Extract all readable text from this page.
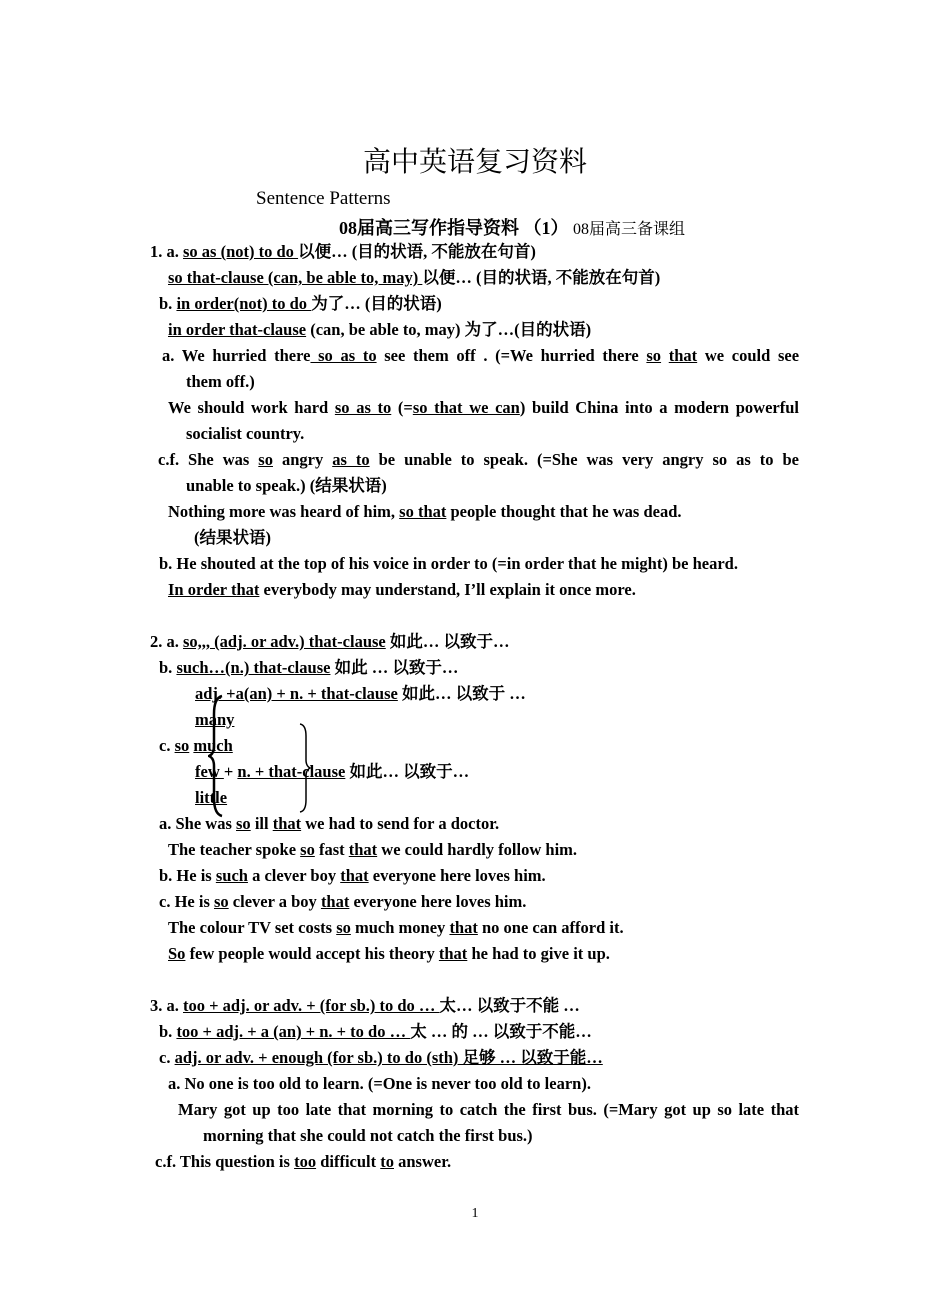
高中英语复习资料
Sentence Patterns
08届高三写作指导资料 （1） 08届高三备课组
1. a. so as (not) to do 以便… (目的状语, 不能放在句首)
so that-clause (can, be able to, may) 以便… (目的状语, 不能放在句首)
b. in order(not) to do 为了… (目的状语)
in order that-clause (can, be able to, may) 为了…(目的状语)
a. We hurried there so as to see them off . (=We hurried there so that we could see
them off.)
We should work hard so as to (=so that we can) build China into a modern powerful
socialist country.
c.f. She was so angry as to be unable to speak. (=She was very angry so as to be
unable to speak.) (结果状语)
Nothing more was heard of him, so that people thought that he was dead.
(结果状语)
b. He shouted at the top of his voice in order to (=in order that he might) be heard.
In order that everybody may understand, I’ll explain it once more.
2. a. so,,, (adj. or adv.) that-clause 如此… 以致于…
b. such…(n.) that-clause 如此 … 以致于…
adj. +a(an) + n. + that-clause 如此… 以致于 …
many
c. so much
few + n. + that-clause 如此… 以致于…
little
a. She was so ill that we had to send for a doctor.
The teacher spoke so fast that we could hardly follow him.
b. He is such a clever boy that everyone here loves him.
c. He is so clever a boy that everyone here loves him.
The colour TV set costs so much money that no one can afford it.
So few people would accept his theory that he had to give it up.
3. a. too + adj. or adv. + (for sb.) to do … 太… 以致于不能 …
b. too + adj. + a (an) + n. + to do … 太 … 的 … 以致于不能…
c. adj. or adv. + enough (for sb.) to do (sth) 足够 … 以致于能…
a. No one is too old to learn. (=One is never too old to learn).
Mary got up too late that morning to catch the first bus. (=Mary got up so late that
morning that she could not catch the first bus.)
c.f. This question is too difficult to answer.
1
